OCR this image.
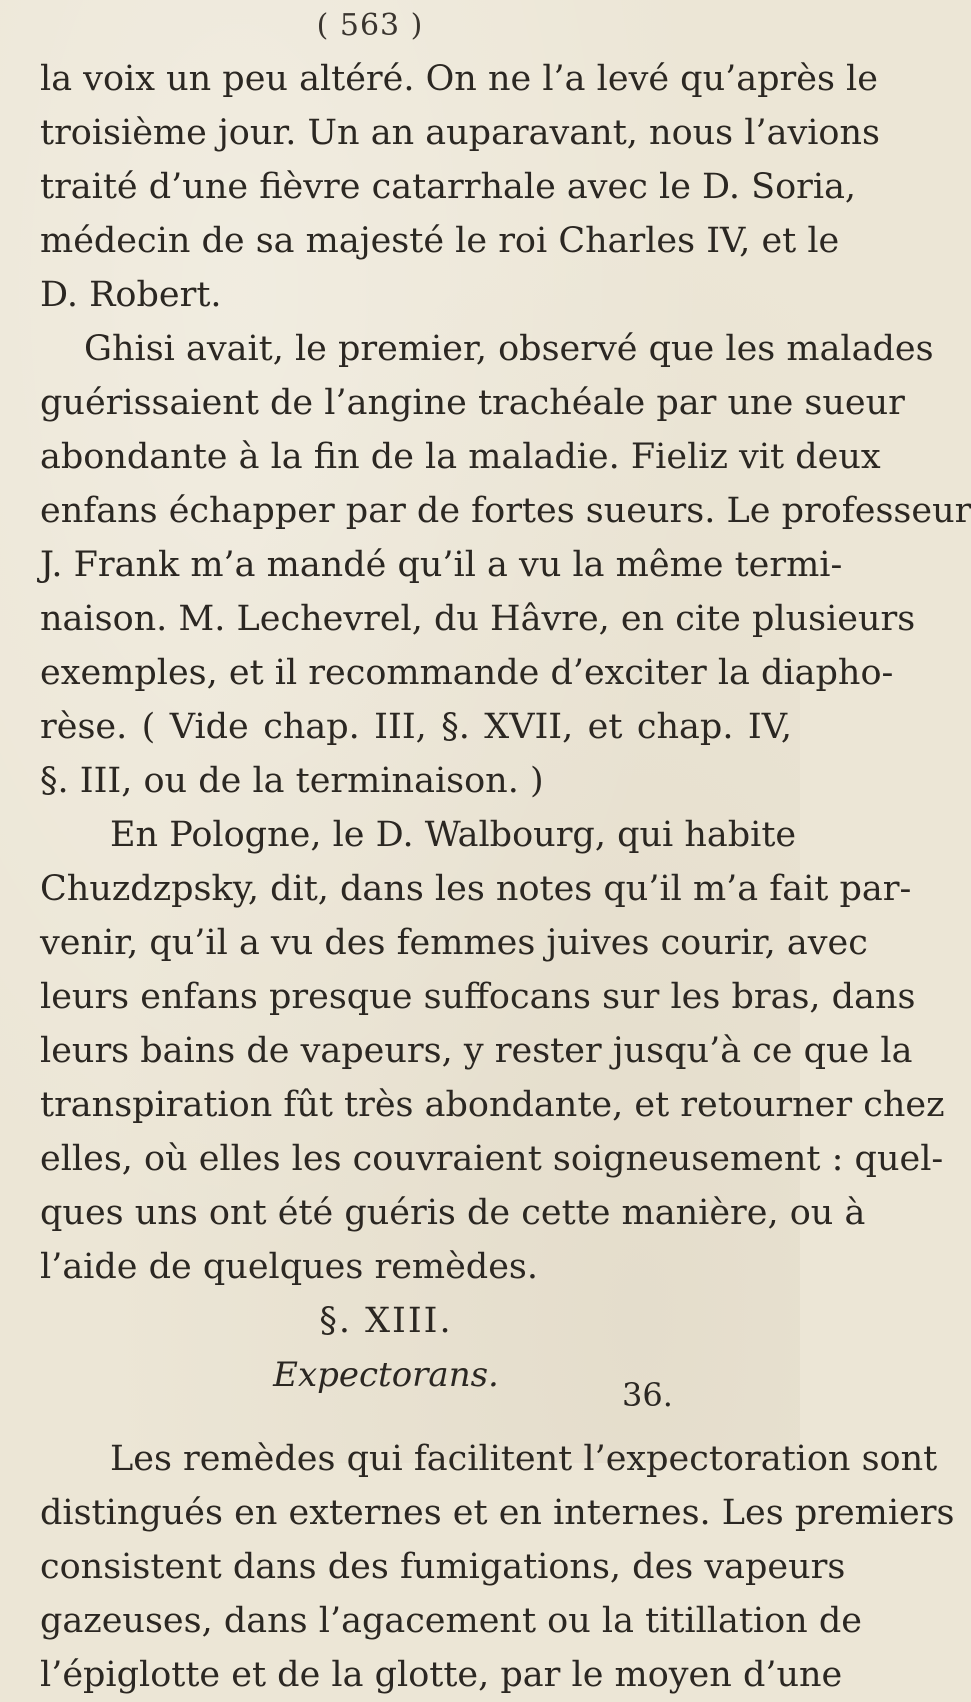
( 563 )
la voix un peu altéré. On ne l’a levé qu’après le
troisième jour. Un an auparavant, nous l’avions
traité d’une fièvre catarrhale avec le D. Soria,
médecin de sa majesté le roi Charles IV, et le
D. Robert.
Ghisi avait, le premier, observé que les malades
guérissaient de l’angine trachéale par une sueur
abondante à la fin de la maladie. Fieliz vit deux
enfans échapper par de fortes sueurs. Le professeur
J. Frank m’a mandé qu’il a vu la même termi-
naison. M. Lechevrel, du Hâvre, en cite plusieurs
exemples, et il recommande d’exciter la diapho-
rèse. ( Vide chap. III, §. XVII, et chap. IV,
§. III, ou de la terminaison. )
En Pologne, le D. Walbourg, qui habite
Chuzdzpsky, dit, dans les notes qu’il m’a fait par-
venir, qu’il a vu des femmes juives courir, avec
leurs enfans presque suffocans sur les bras, dans
leurs bains de vapeurs, y rester jusqu’à ce que la
transpiration fût très abondante, et retourner chez
elles, où elles les couvraient soigneusement : quel-
ques uns ont été guéris de cette manière, ou à
l’aide de quelques remèdes.
§. XIII.
Expectorans.
Les remèdes qui facilitent l’expectoration sont
distingués en externes et en internes. Les premiers
consistent dans des fumigations, des vapeurs
gazeuses, dans l’agacement ou la titillation de
l’épiglotte et de la glotte, par le moyen d’une
36.
